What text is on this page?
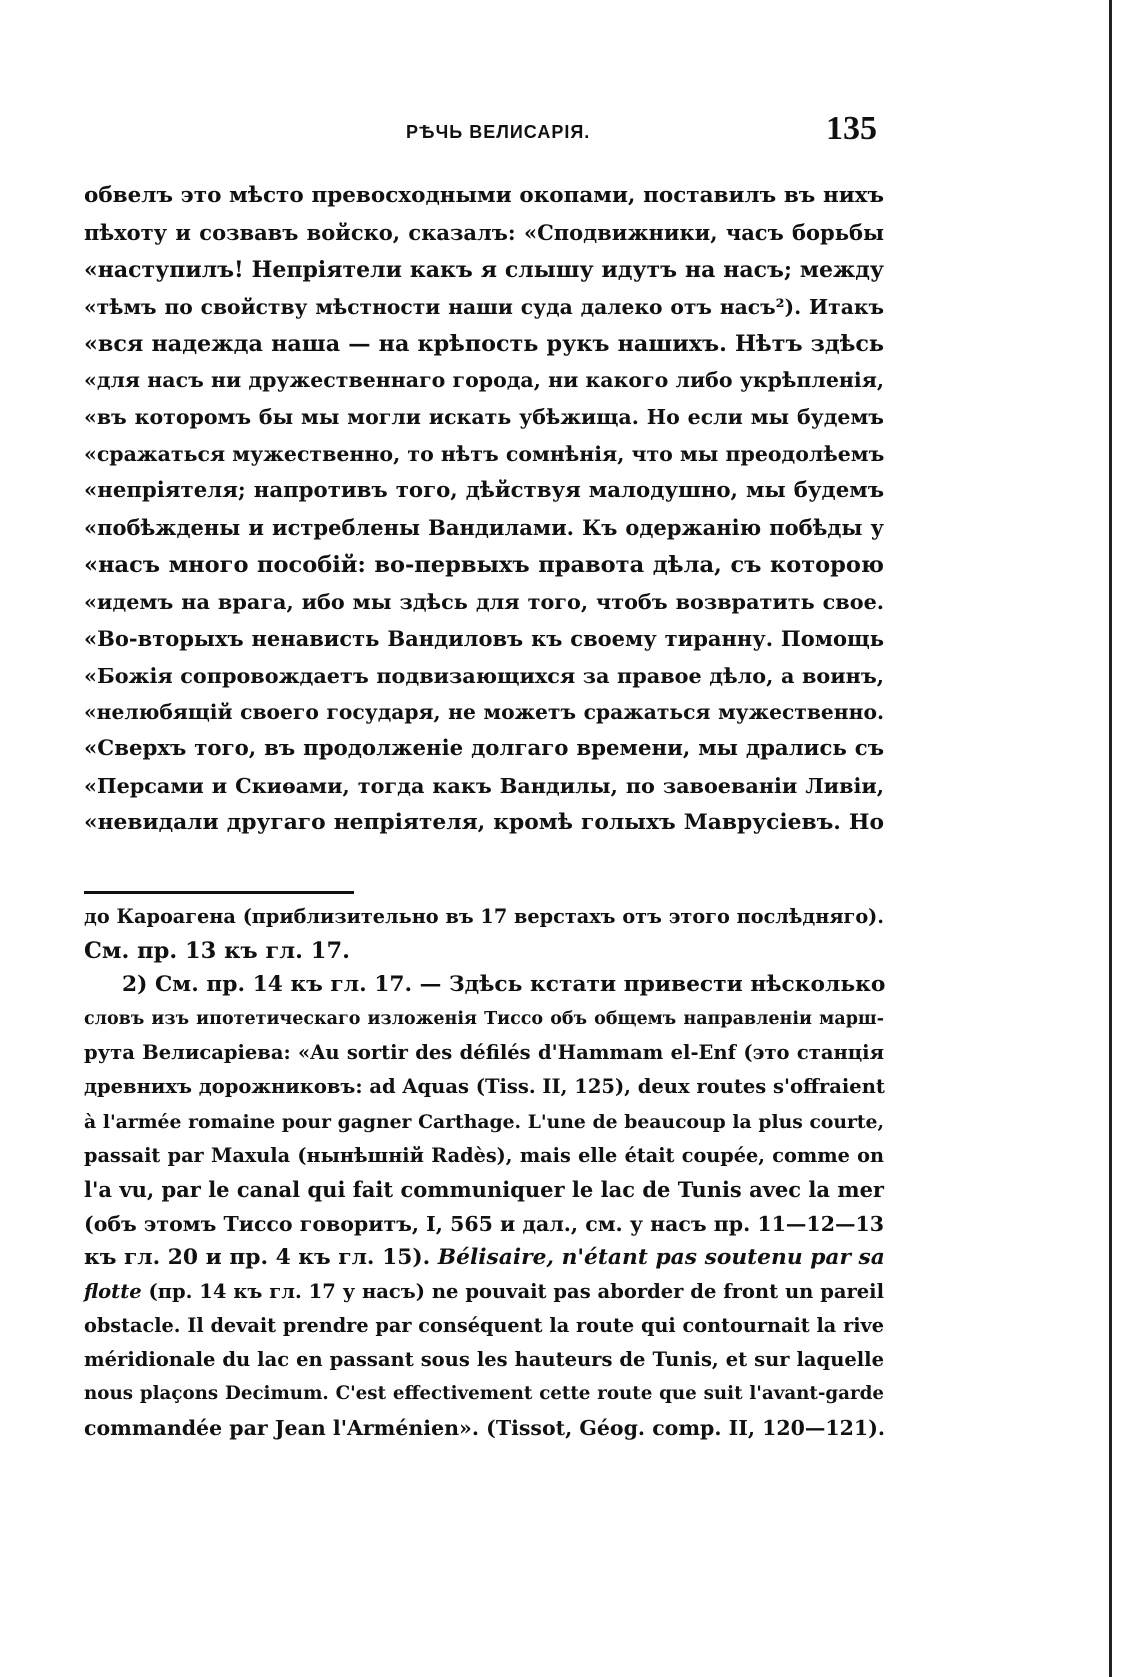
РѢЧЬ ВЕЛИСАРІЯ.	135
обвелъ это мѣсто превосходными окопами, поставилъ въ нихъ
пѣхоту и созвавъ войско, сказалъ: «Сподвижники, часъ борьбы
«наступилъ! Непріятели какъ я слышу идутъ на насъ; между
«тѣмъ по свойству мѣстности наши суда далеко отъ насъ²). Итакъ
«вся надежда наша — на крѣпость рукъ нашихъ. Нѣтъ здѣсь
«для насъ ни дружественнаго города, ни какого либо укрѣпленія,
«въ которомъ бы мы могли искать убѣжища. Но если мы будемъ
«сражаться мужественно, то нѣтъ сомнѣнія, что мы преодолѣемъ
«непріятеля; напротивъ того, дѣйствуя малодушно, мы будемъ
«побѣждены и истреблены Вандилами. Къ одержанію побѣды у
«насъ много пособій: во-первыхъ правота дѣла, съ которою
«идемъ на врага, ибо мы здѣсь для того, чтобъ возвратить свое.
«Во-вторыхъ ненависть Вандиловъ къ своему тиранну. Помощь
«Божія сопровождаетъ подвизающихся за правое дѣло, а воинъ,
«нелюбящій своего государя, не можетъ сражаться мужественно.
«Сверхъ того, въ продолженіе долгаго времени, мы дрались съ
«Персами и Скиѳами, тогда какъ Вандилы, по завоеваніи Ливіи,
«невидали другаго непріятеля, кромѣ голыхъ Маврусіевъ. Но
до Кароагена (приблизительно въ 17 верстахъ отъ этого послѣдняго).
См. пр. 13 къ гл. 17.
2) См. пр. 14 къ гл. 17. — Здѣсь кстати привести нѣсколько
словъ изъ ипотетическаго изложенія Тиссо объ общемъ направленіи марш-
рута Велисаріева: «Au sortir des défilés d'Hammam el-Enf (это станція
древнихъ дорожниковъ: ad Aquas (Tiss. II, 125), deux routes s'offraient
à l'armée romaine pour gagner Carthage. L'une de beaucoup la plus courte,
passait par Maxula (нынѣшній Radès), mais elle était coupée, comme on
l'a vu, par le canal qui fait communiquer le lac de Tunis avec la mer
(объ этомъ Тиссо говоритъ, I, 565 и дал., см. у насъ пр. 11—12—13
къ гл. 20 и пр. 4 къ гл. 15). Bélisaire, n'étant pas soutenu par sa
flotte (пр. 14 къ гл. 17 у насъ) ne pouvait pas aborder de front un pareil
obstacle. Il devait prendre par conséquent la route qui contournait la rive
méridionale du lac en passant sous les hauteurs de Tunis, et sur laquelle
nous plaçons Decimum. C'est effectivement cette route que suit l'avant-garde
commandée par Jean l'Arménien». (Tissot, Géog. comp. II, 120—121).
